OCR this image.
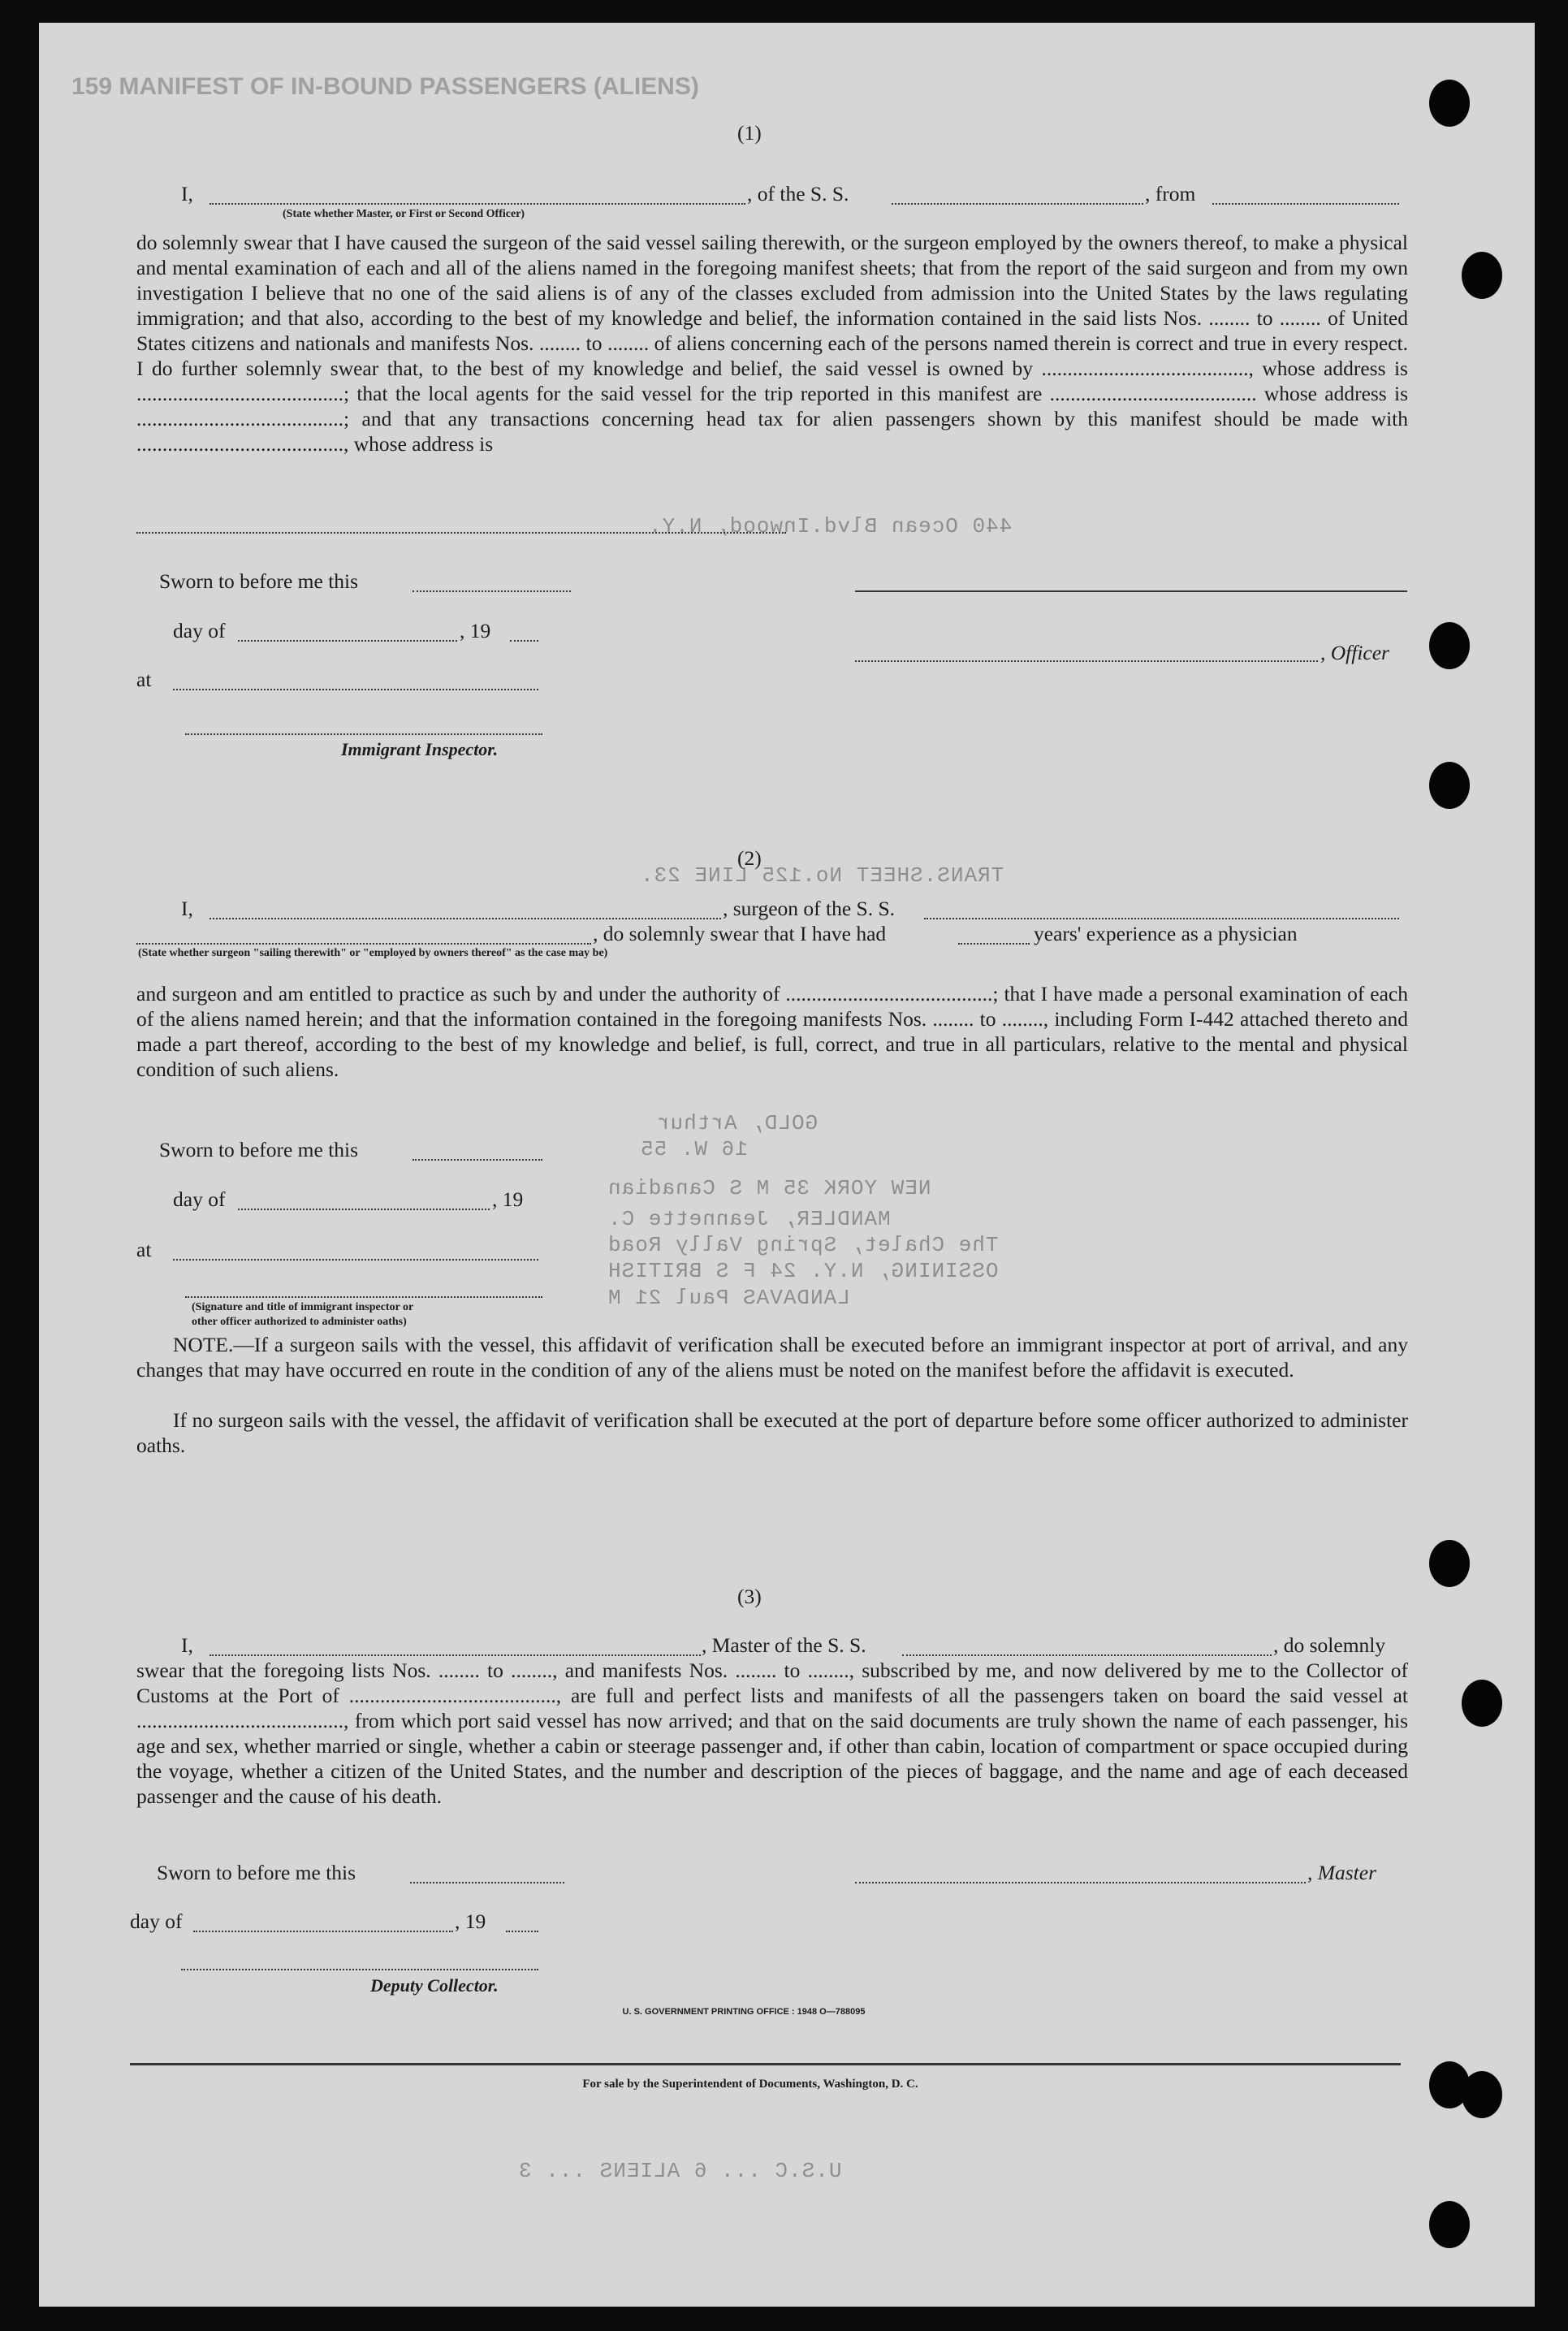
159 MANIFEST OF IN-BOUND PASSENGERS (ALIENS)
GOLD, Arthur
16 W. 55
NEW YORK 35 M S Canadian
MANDLER, Jeannette C.
The Chalet, Spring Vally Road
OSSINING, N.Y. 24 F S BRITISH
LANDAVAS Paul 21 M
440 Ocean Blvd.Inwood, N.Y.
TRANS.SHEET No.125 LINE 23.
U.S.C ... 6 ALIENS ... 3
(1)
I,	, of the S. S.	, from
(State whether Master, or First or Second Officer)
do solemnly swear that I have caused the surgeon of the said vessel sailing therewith, or the surgeon employed by the owners thereof, to make a physical and mental examination of each and all of the aliens named in the foregoing manifest sheets; that from the report of the said surgeon and from my own investigation I believe that no one of the said aliens is of any of the classes excluded from admission into the United States by the laws regulating immigration; and that also, according to the best of my knowledge and belief, the information contained in the said lists Nos. ........ to ........ of United States citizens and nationals and manifests Nos. ........ to ........ of aliens concerning each of the persons named therein is correct and true in every respect. I do further solemnly swear that, to the best of my knowledge and belief, the said vessel is owned by ........................................, whose address is ........................................; that the local agents for the said vessel for the trip reported in this manifest are ........................................ whose address is ........................................; and that any transactions concerning head tax for alien passengers shown by this manifest should be made with ........................................, whose address is
Sworn to before me this
day of	, 19
, Officer
at
Immigrant Inspector.
(2)
I,	, surgeon of the S. S.
, do solemnly swear that I have had	years' experience as a physician
(State whether surgeon "sailing therewith" or "employed by owners thereof" as the case may be)
and surgeon and am entitled to practice as such by and under the authority of ........................................; that I have made a personal examination of each of the aliens named herein; and that the information contained in the foregoing manifests Nos. ........ to ........, including Form I-442 attached thereto and made a part thereof, according to the best of my knowledge and belief, is full, correct, and true in all particulars, relative to the mental and physical condition of such aliens.
Sworn to before me this
day of	, 19
at
(Signature and title of immigrant inspector or
other officer authorized to administer oaths)
NOTE.—If a surgeon sails with the vessel, this affidavit of verification shall be executed before an immigrant inspector at port of arrival, and any changes that may have occurred en route in the condition of any of the aliens must be noted on the manifest before the affidavit is executed.
If no surgeon sails with the vessel, the affidavit of verification shall be executed at the port of departure before some officer authorized to administer oaths.
(3)
I,	, Master of the S. S.	, do solemnly
swear that the foregoing lists Nos. ........ to ........, and manifests Nos. ........ to ........, subscribed by me, and now delivered by me to the Collector of Customs at the Port of ........................................, are full and perfect lists and manifests of all the passengers taken on board the said vessel at ........................................, from which port said vessel has now arrived; and that on the said documents are truly shown the name of each passenger, his age and sex, whether married or single, whether a cabin or steerage passenger and, if other than cabin, location of compartment or space occupied during the voyage, whether a citizen of the United States, and the number and description of the pieces of baggage, and the name and age of each deceased passenger and the cause of his death.
Sworn to before me this	, Master
day of	, 19
Deputy Collector.
U. S. GOVERNMENT PRINTING OFFICE : 1948 O—788095
For sale by the Superintendent of Documents, Washington, D. C.
